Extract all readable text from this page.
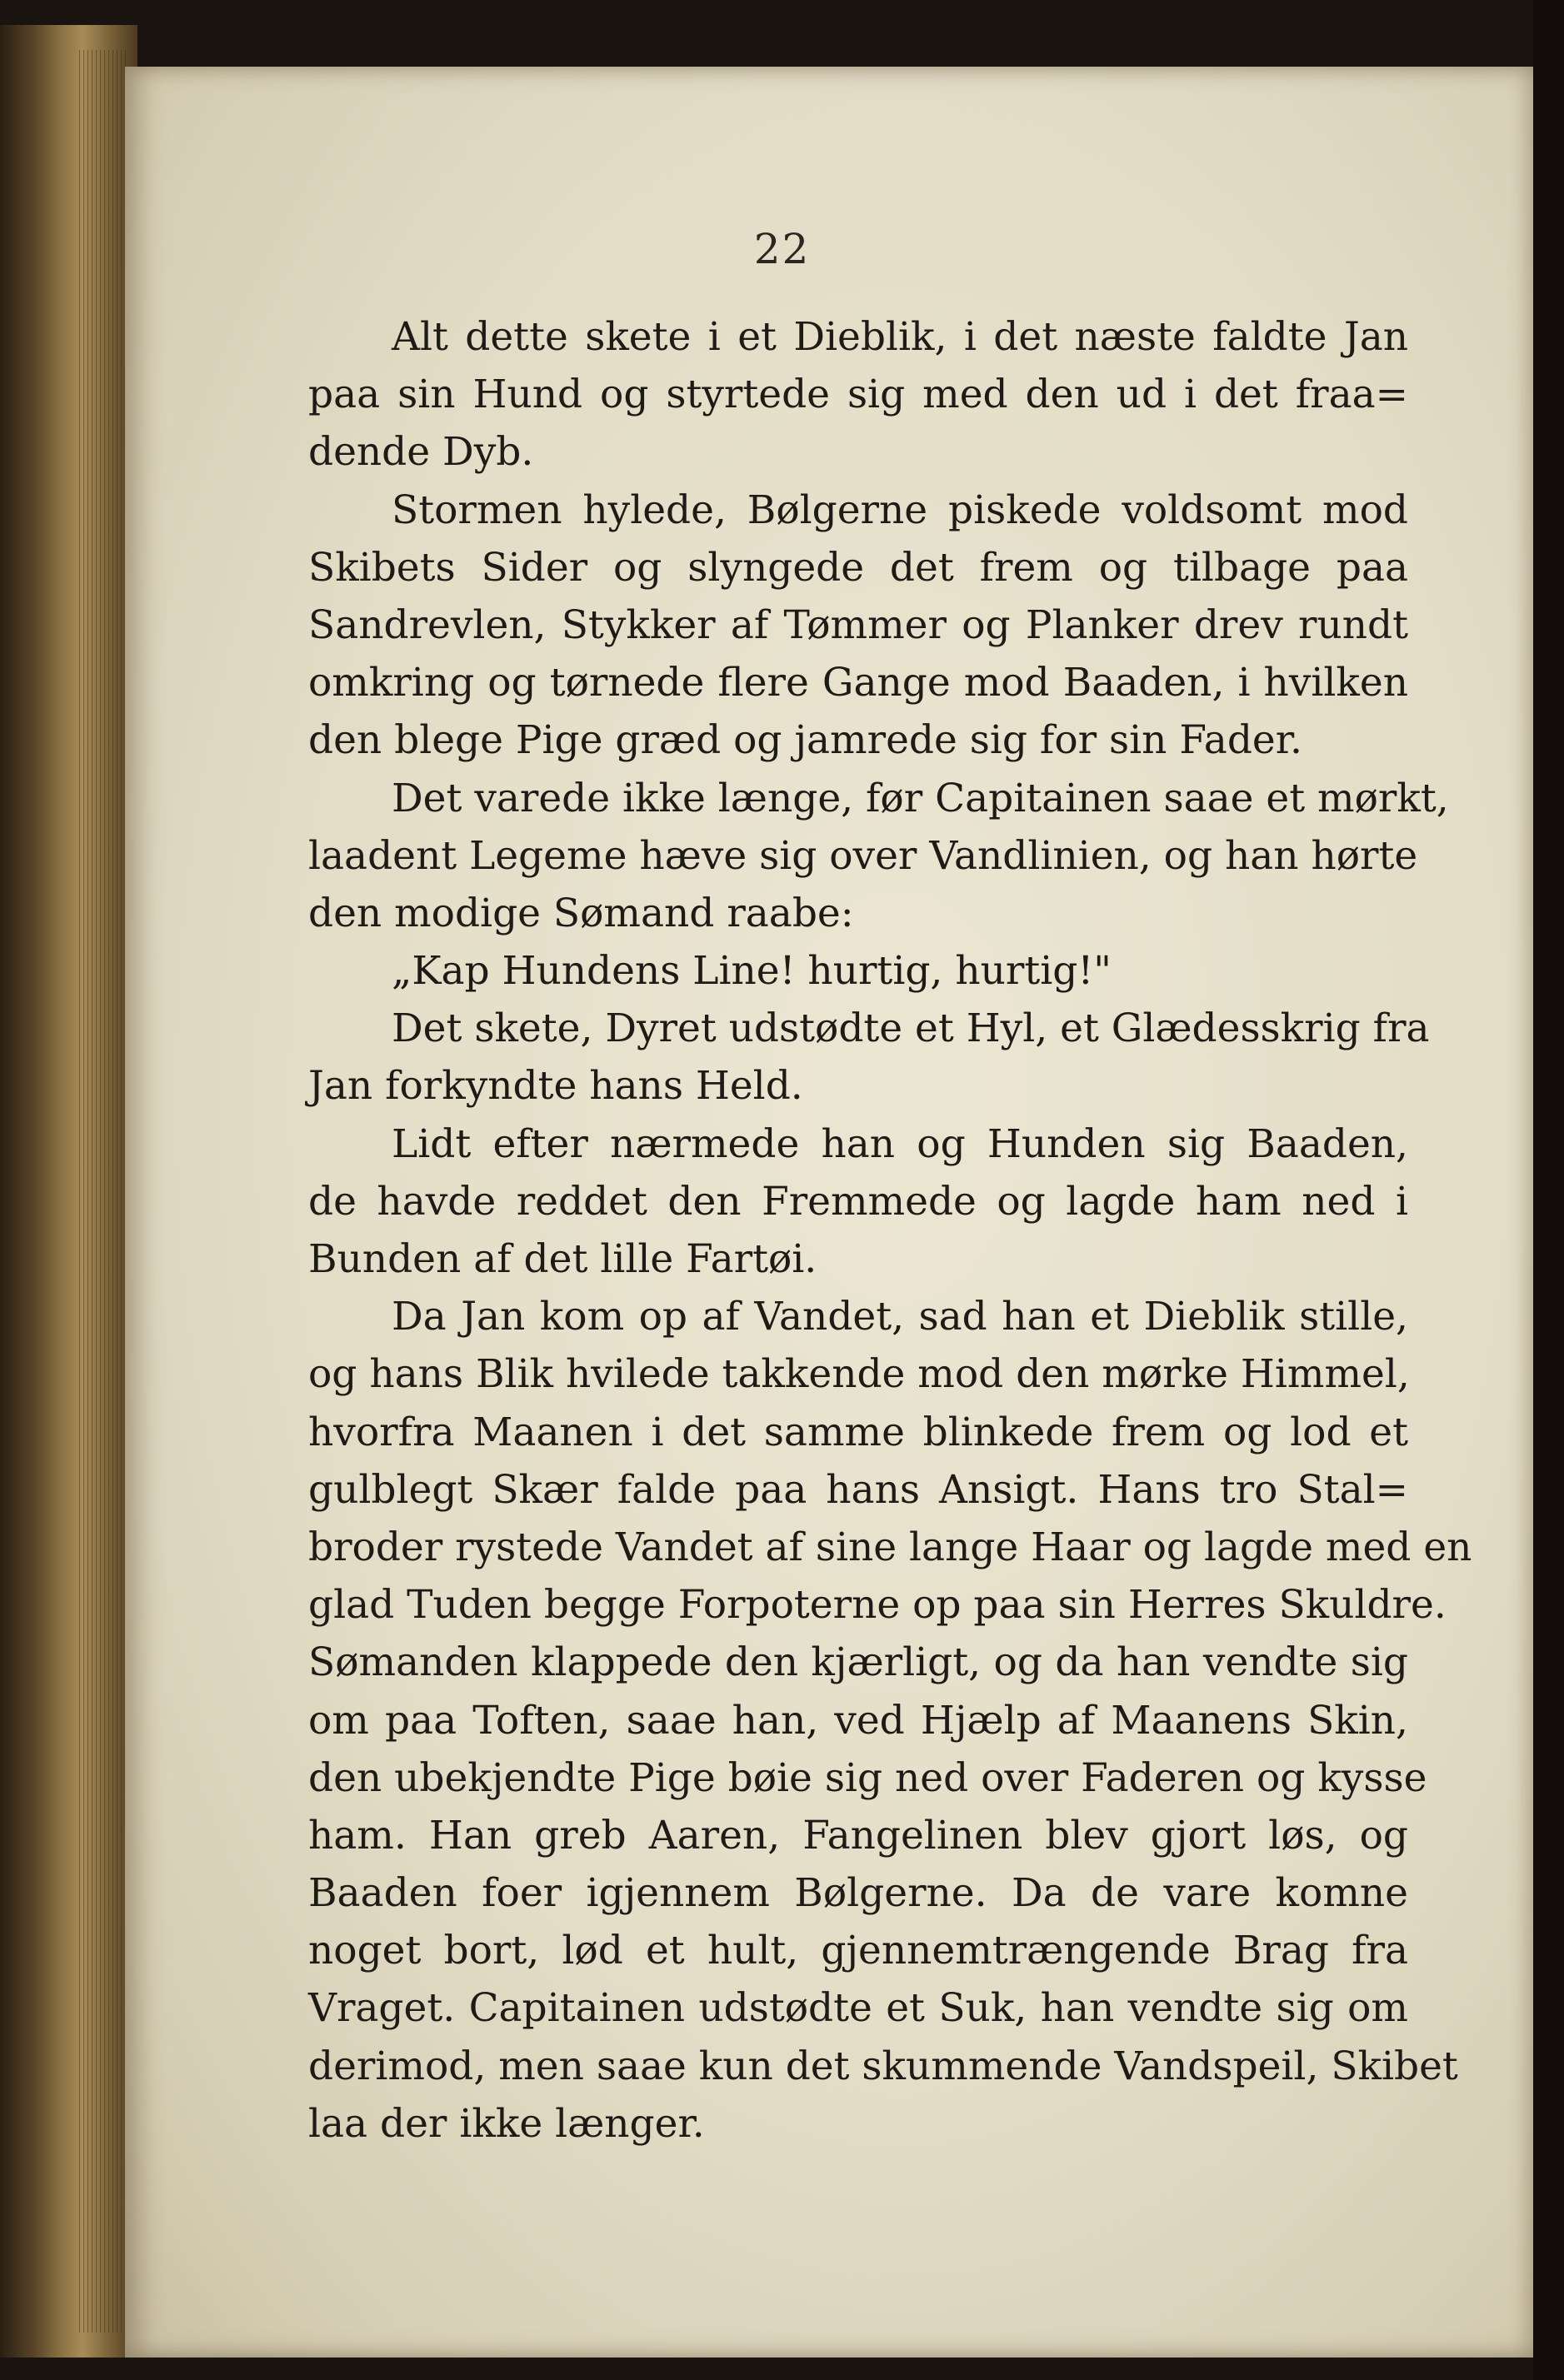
22
Alt dette skete i et Dieblik, i det næste faldte Jan
paa sin Hund og styrtede sig med den ud i det fraa=
dende Dyb.
Stormen hylede, Bølgerne piskede voldsomt mod
Skibets Sider og slyngede det frem og tilbage paa
Sandrevlen, Stykker af Tømmer og Planker drev rundt
omkring og tørnede flere Gange mod Baaden, i hvilken
den blege Pige græd og jamrede sig for sin Fader.
Det varede ikke længe, før Capitainen saae et mørkt,
laadent Legeme hæve sig over Vandlinien, og han hørte
den modige Sømand raabe:
„Kap Hundens Line! hurtig, hurtig!"
Det skete, Dyret udstødte et Hyl, et Glædesskrig fra
Jan forkyndte hans Held.
Lidt efter nærmede han og Hunden sig Baaden,
de havde reddet den Fremmede og lagde ham ned i
Bunden af det lille Fartøi.
Da Jan kom op af Vandet, sad han et Dieblik stille,
og hans Blik hvilede takkende mod den mørke Himmel,
hvorfra Maanen i det samme blinkede frem og lod et
gulblegt Skær falde paa hans Ansigt. Hans tro Stal=
broder rystede Vandet af sine lange Haar og lagde med en
glad Tuden begge Forpoterne op paa sin Herres Skuldre.
Sømanden klappede den kjærligt, og da han vendte sig
om paa Toften, saae han, ved Hjælp af Maanens Skin,
den ubekjendte Pige bøie sig ned over Faderen og kysse
ham. Han greb Aaren, Fangelinen blev gjort løs, og
Baaden foer igjennem Bølgerne. Da de vare komne
noget bort, lød et hult, gjennemtrængende Brag fra
Vraget. Capitainen udstødte et Suk, han vendte sig om
derimod, men saae kun det skummende Vandspeil, Skibet
laa der ikke længer.
